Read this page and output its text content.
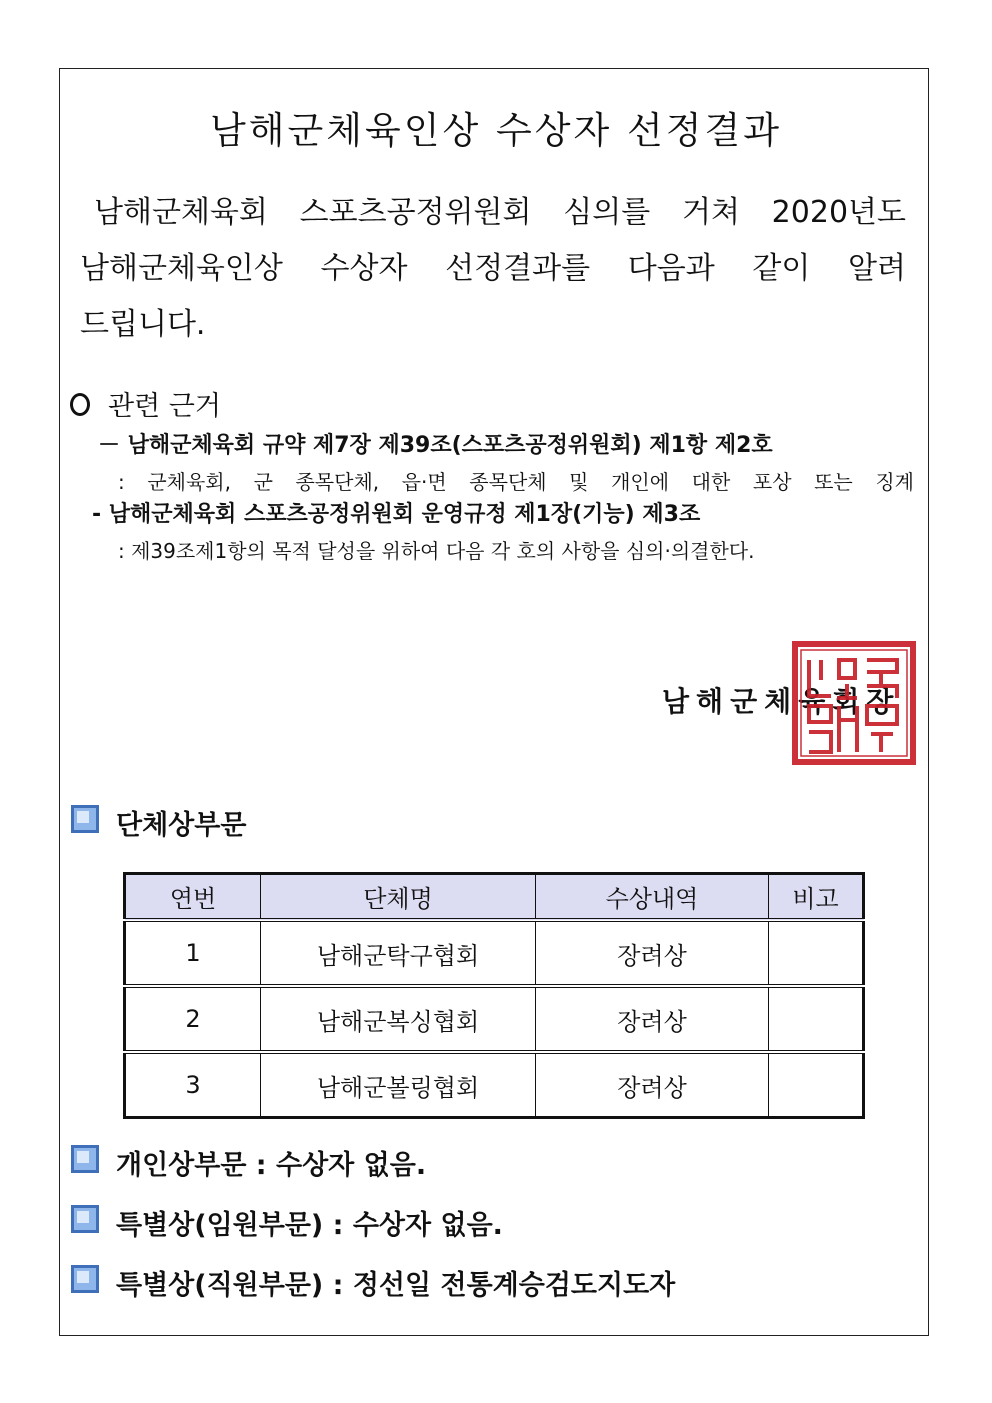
남해군체육인상 수상자 선정결과
남해군체육회 스포츠공정위원회 심의를 거쳐 2020년도
남해군체육인상 수상자 선정결과를 다음과 같이 알려
드립니다.
관련 근거
－ 남해군체육회 규약 제7장 제39조(스포츠공정위원회) 제1항 제2호
: 군체육회, 군 종목단체, 읍·면 종목단체 및 개인에 대한 포상 또는 징계
- 남해군체육회 스포츠공정위원회 운영규정 제1장(기능) 제3조
: 제39조제1항의 목적 달성을 위하여 다음 각 호의 사항을 심의·의결한다.
남해군체육회장
단체상부문
연번	단체명	수상내역	비고
1	남해군탁구협회	장려상	
2	남해군복싱협회	장려상	
3	남해군볼링협회	장려상	
개인상부문 : 수상자 없음.
특별상(임원부문) : 수상자 없음.
특별상(직원부문) : 정선일 전통계승검도지도자
